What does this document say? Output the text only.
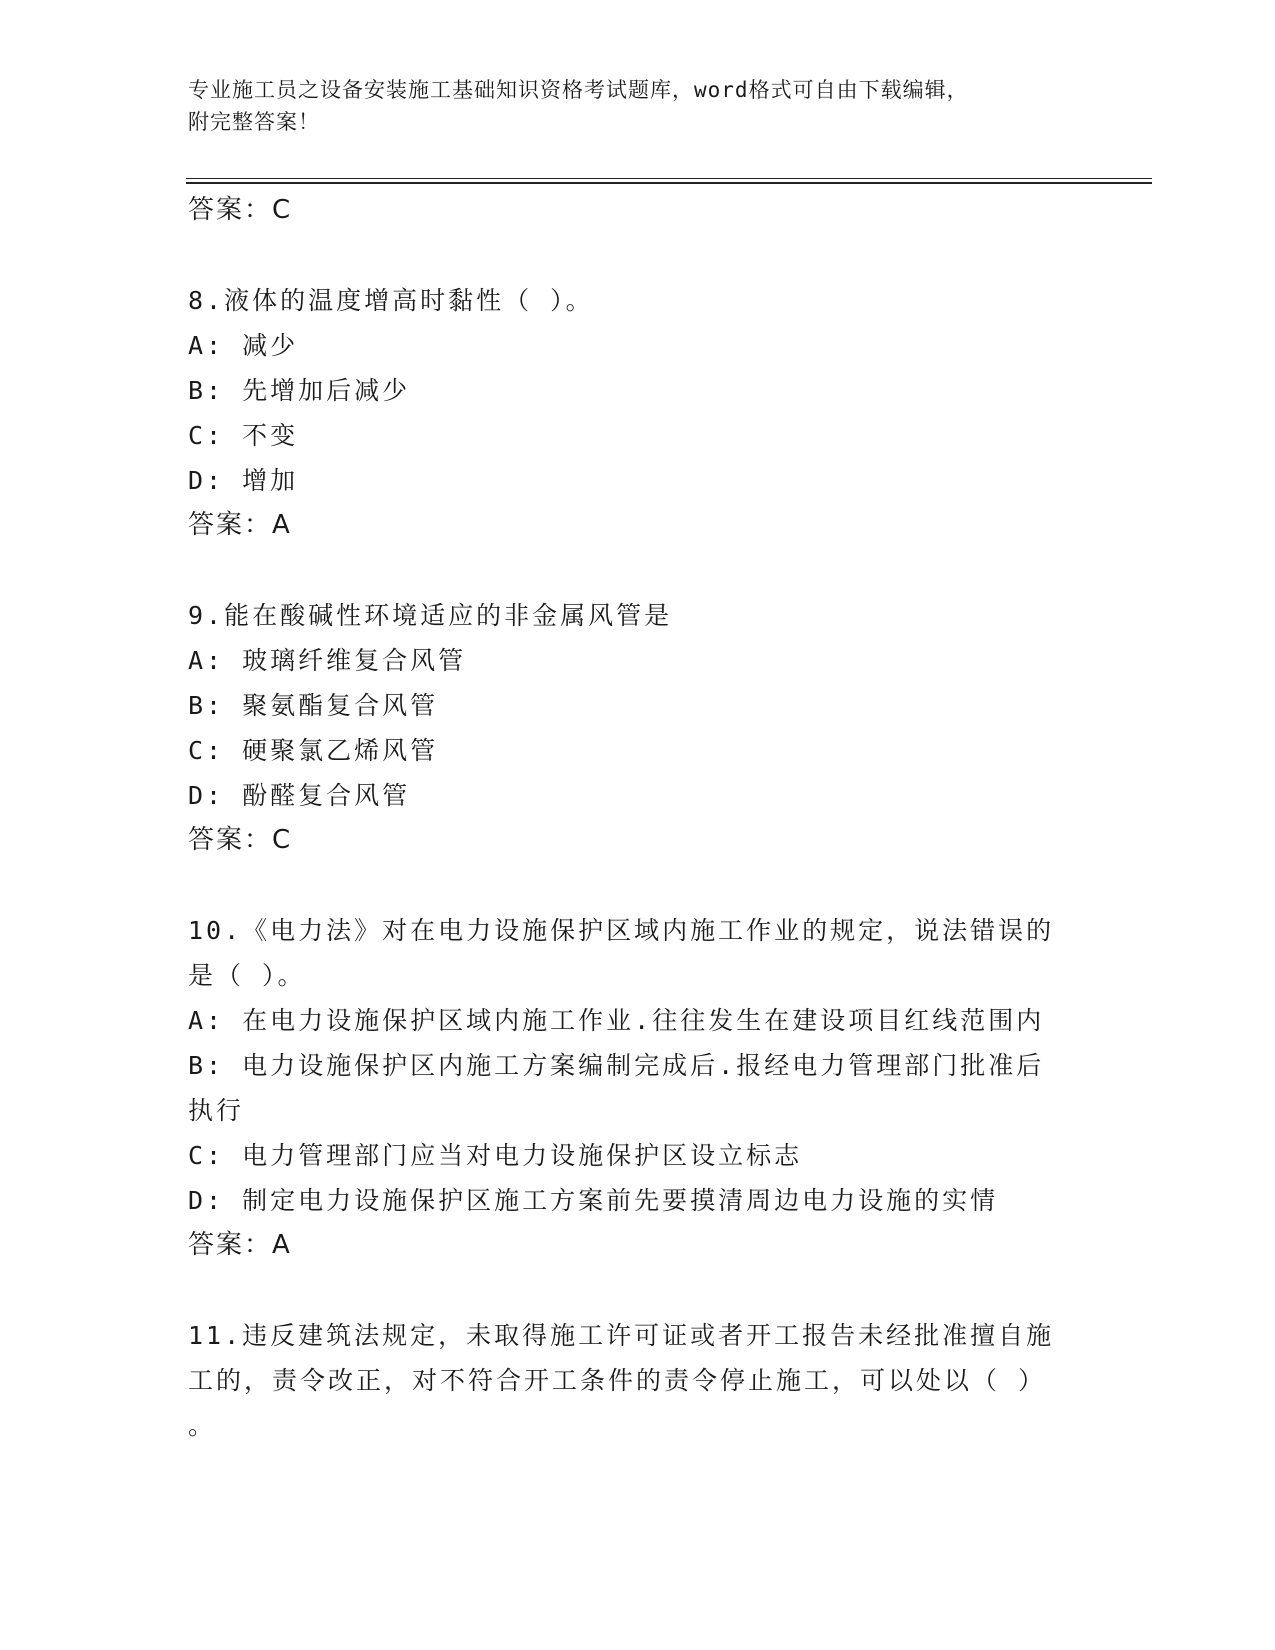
专业施工员之设备安装施工基础知识资格考试题库，word格式可自由下载编辑，
附完整答案！
答案：C
8.液体的温度增高时黏性（ ）。
A: 减少
B: 先增加后减少
C: 不变
D: 增加
答案：A
9.能在酸碱性环境适应的非金属风管是
A: 玻璃纤维复合风管
B: 聚氨酯复合风管
C: 硬聚氯乙烯风管
D: 酚醛复合风管
答案：C
10.《电力法》对在电力设施保护区域内施工作业的规定，说法错误的
是（ ）。
A: 在电力设施保护区域内施工作业.往往发生在建设项目红线范围内
B: 电力设施保护区内施工方案编制完成后.报经电力管理部门批准后
执行
C: 电力管理部门应当对电力设施保护区设立标志
D: 制定电力设施保护区施工方案前先要摸清周边电力设施的实情
答案：A
11.违反建筑法规定，未取得施工许可证或者开工报告未经批准擅自施
工的，责令改正，对不符合开工条件的责令停止施工，可以处以（ ）
。
